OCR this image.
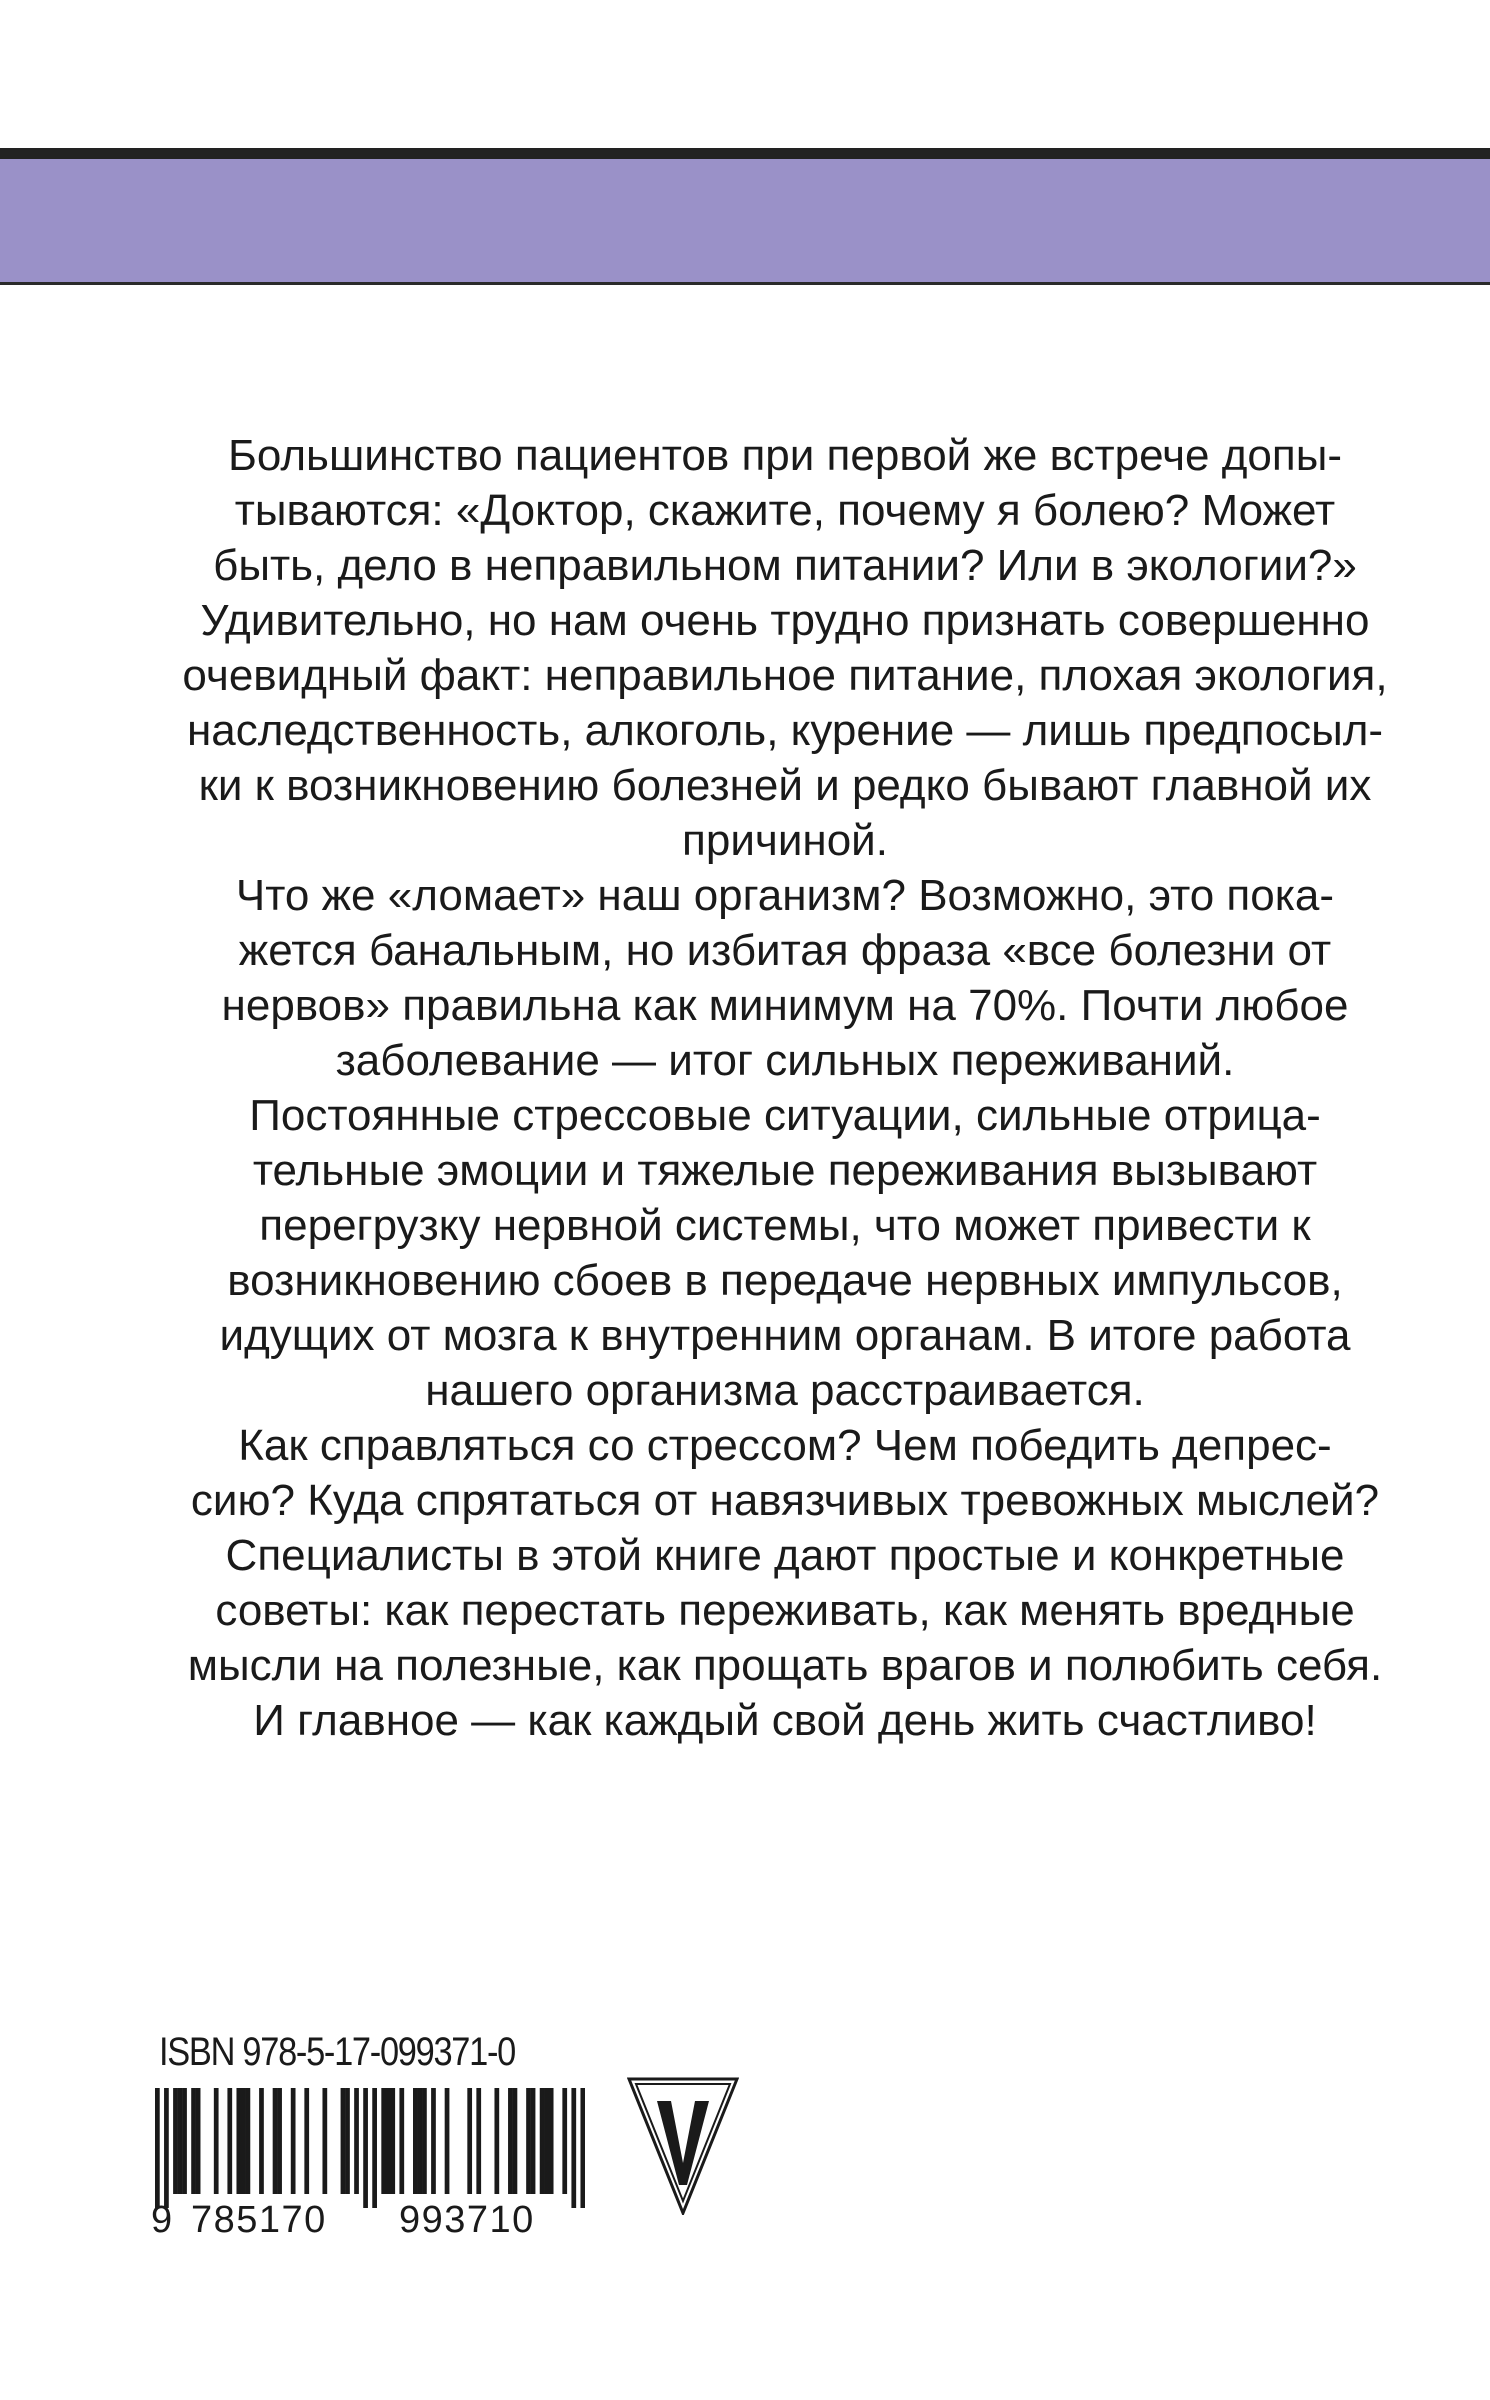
Большинство пациентов при первой же встрече допы-
тываются: «Доктор, скажите, почему я болею? Может
быть, дело в неправильном питании? Или в экологии?»
Удивительно, но нам очень трудно признать совершенно
очевидный факт: неправильное питание, плохая экология,
наследственность, алкоголь, курение — лишь предпосыл-
ки к возникновению болезней и редко бывают главной их
причиной.
Что же «ломает» наш организм? Возможно, это пока-
жется банальным, но избитая фраза «все болезни от
нервов» правильна как минимум на 70%. Почти любое
заболевание — итог сильных переживаний.
Постоянные стрессовые ситуации, сильные отрица-
тельные эмоции и тяжелые переживания вызывают
перегрузку нервной системы, что может привести к
возникновению сбоев в передаче нервных импульсов,
идущих от мозга к внутренним органам. В итоге работа
нашего организма расстраивается.
Как справляться со стрессом? Чем победить депрес-
сию? Куда спрятаться от навязчивых тревожных мыслей?
Специалисты в этой книге дают простые и конкретные
советы: как перестать переживать, как менять вредные
мысли на полезные, как прощать врагов и полюбить себя.
И главное — как каждый свой день жить счастливо!
ISBN 978-5-17-099371-0
9 785170 993710
